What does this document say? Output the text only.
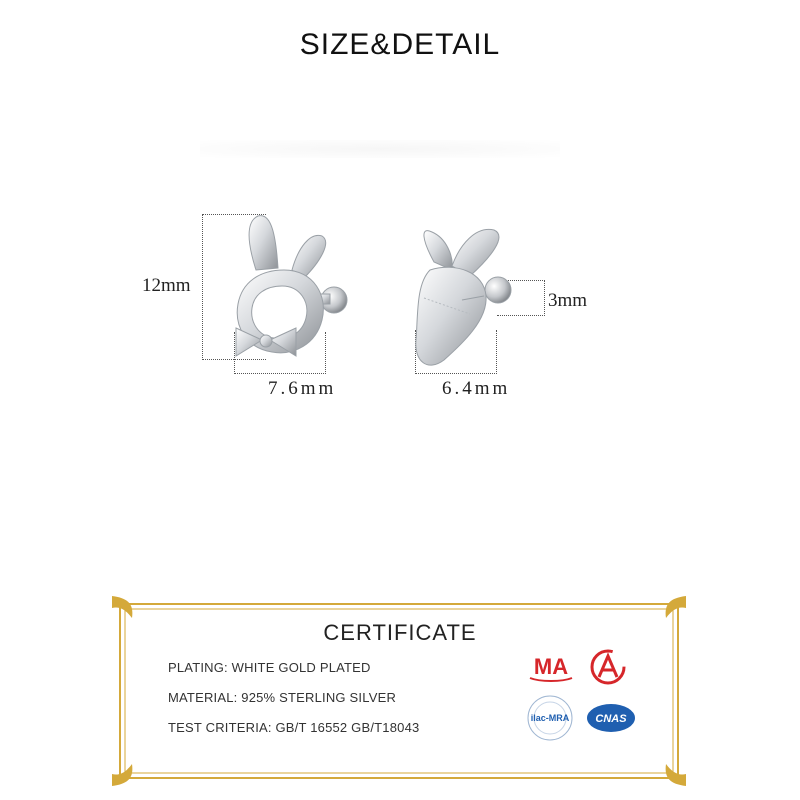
SIZE&DETAIL
12mm
7.6mm	6.4mm
3mm
CERTIFICATE
PLATING: WHITE GOLD PLATED
MATERIAL: 925% STERLING SILVER
TEST CRITERIA: GB/T 16552 GB/T18043
MA
ilac-MRA CNAS
